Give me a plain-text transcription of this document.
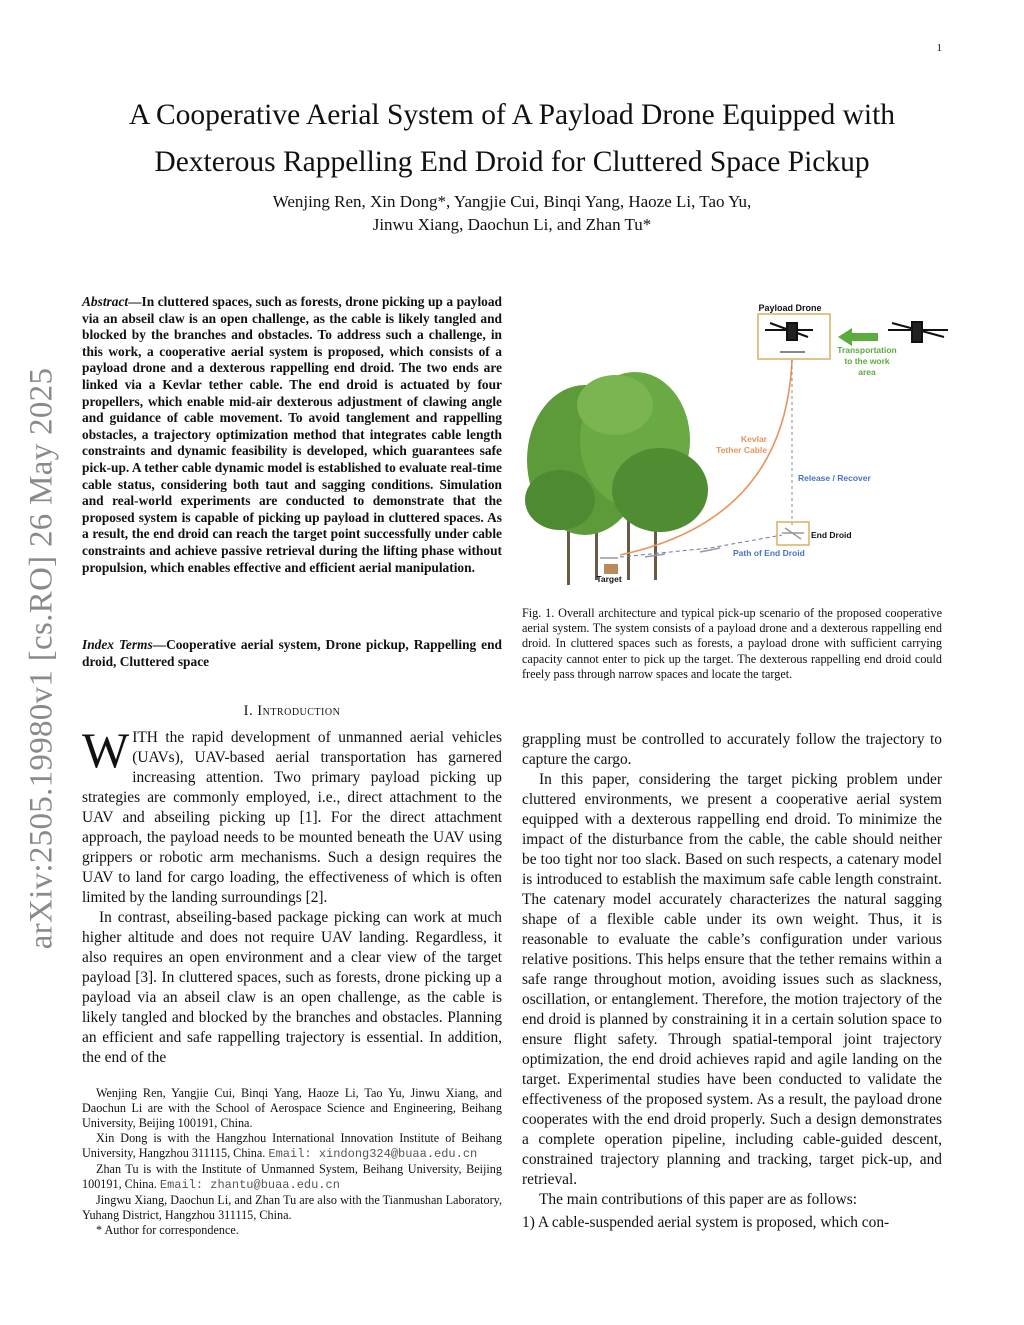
1
arXiv:2505.19980v1 [cs.RO] 26 May 2025
A Cooperative Aerial System of A Payload Drone Equipped with
Dexterous Rappelling End Droid for Cluttered Space Pickup
Wenjing Ren, Xin Dong*, Yangjie Cui, Binqi Yang, Haoze Li, Tao Yu,
Jinwu Xiang, Daochun Li, and Zhan Tu*
Abstract—In cluttered spaces, such as forests, drone picking up a payload via an abseil claw is an open challenge, as the cable is likely tangled and blocked by the branches and obstacles. To address such a challenge, in this work, a cooperative aerial system is proposed, which consists of a payload drone and a dexterous rappelling end droid. The two ends are linked via a Kevlar tether cable. The end droid is actuated by four propellers, which enable mid-air dexterous adjustment of clawing angle and guidance of cable movement. To avoid tanglement and rappelling obstacles, a trajectory optimization method that integrates cable length constraints and dynamic feasibility is developed, which guarantees safe pick-up. A tether cable dynamic model is established to evaluate real-time cable status, considering both taut and sagging conditions. Simulation and real-world experiments are conducted to demonstrate that the proposed system is capable of picking up payload in cluttered spaces. As a result, the end droid can reach the target point successfully under cable constraints and achieve passive retrieval during the lifting phase without propulsion, which enables effective and efficient aerial manipulation.
Index Terms—Cooperative aerial system, Drone pickup, Rappelling end droid, Cluttered space
I. Introduction

WITH the rapid development of unmanned aerial vehicles (UAVs), UAV-based aerial transportation has garnered increasing attention. Two primary payload picking up strategies are commonly employed, i.e., direct attachment to the UAV and abseiling picking up [1]. For the direct attachment approach, the payload needs to be mounted beneath the UAV using grippers or robotic arm mechanisms. Such a design requires the UAV to land for cargo loading, the effectiveness of which is often limited by the landing surroundings [2].

In contrast, abseiling-based package picking can work at much higher altitude and does not require UAV landing. Regardless, it also requires an open environment and a clear view of the target payload [3]. In cluttered spaces, such as forests, drone picking up a payload via an abseil claw is an open challenge, as the cable is likely tangled and blocked by the branches and obstacles. Planning an efficient and safe rappelling trajectory is essential. In addition, the end of the

Wenjing Ren, Yangjie Cui, Binqi Yang, Haoze Li, Tao Yu, Jinwu Xiang, and Daochun Li are with the School of Aerospace Science and Engineering, Beihang University, Beijing 100191, China.

Xin Dong is with the Hangzhou International Innovation Institute of Beihang University, Hangzhou 311115, China. Email: xindong324@buaa.edu.cn

Zhan Tu is with the Institute of Unmanned System, Beihang University, Beijing 100191, China. Email: zhantu@buaa.edu.cn

Jingwu Xiang, Daochun Li, and Zhan Tu are also with the Tianmushan Laboratory, Yuhang District, Hangzhou 311115, China.

* Author for correspondence.

Payload Drone
Transportation
to the work
area
Kevlar
Tether Cable
Release / Recover
End Droid
Path of End Droid
Target
Fig. 1. Overall architecture and typical pick-up scenario of the proposed cooperative aerial system. The system consists of a payload drone and a dexterous rappelling end droid. In cluttered spaces such as forests, a payload drone with sufficient carrying capacity cannot enter to pick up the target. The dexterous rappelling end droid could freely pass through narrow spaces and locate the target.

grappling must be controlled to accurately follow the trajectory to capture the cargo.

In this paper, considering the target picking problem under cluttered environments, we present a cooperative aerial system equipped with a dexterous rappelling end droid. To minimize the impact of the disturbance from the cable, the cable should neither be too tight nor too slack. Based on such respects, a catenary model is introduced to establish the maximum safe cable length constraint. The catenary model accurately characterizes the natural sagging shape of a flexible cable under its own weight. Thus, it is reasonable to evaluate the cable’s configuration under various relative positions. This helps ensure that the tether remains within a safe range throughout motion, avoiding issues such as slackness, oscillation, or entanglement. Therefore, the motion trajectory of the end droid is planned by constraining it in a certain solution space to ensure flight safety. Through spatial-temporal joint trajectory optimization, the end droid achieves rapid and agile landing on the target. Experimental studies have been conducted to validate the effectiveness of the proposed system. As a result, the payload drone cooperates with the end droid properly. Such a design demonstrates a complete operation pipeline, including cable-guided descent, constrained trajectory planning and tracking, target pick-up, and retrieval.

The main contributions of this paper are as follows:

1) A cable-suspended aerial system is proposed, which con-
